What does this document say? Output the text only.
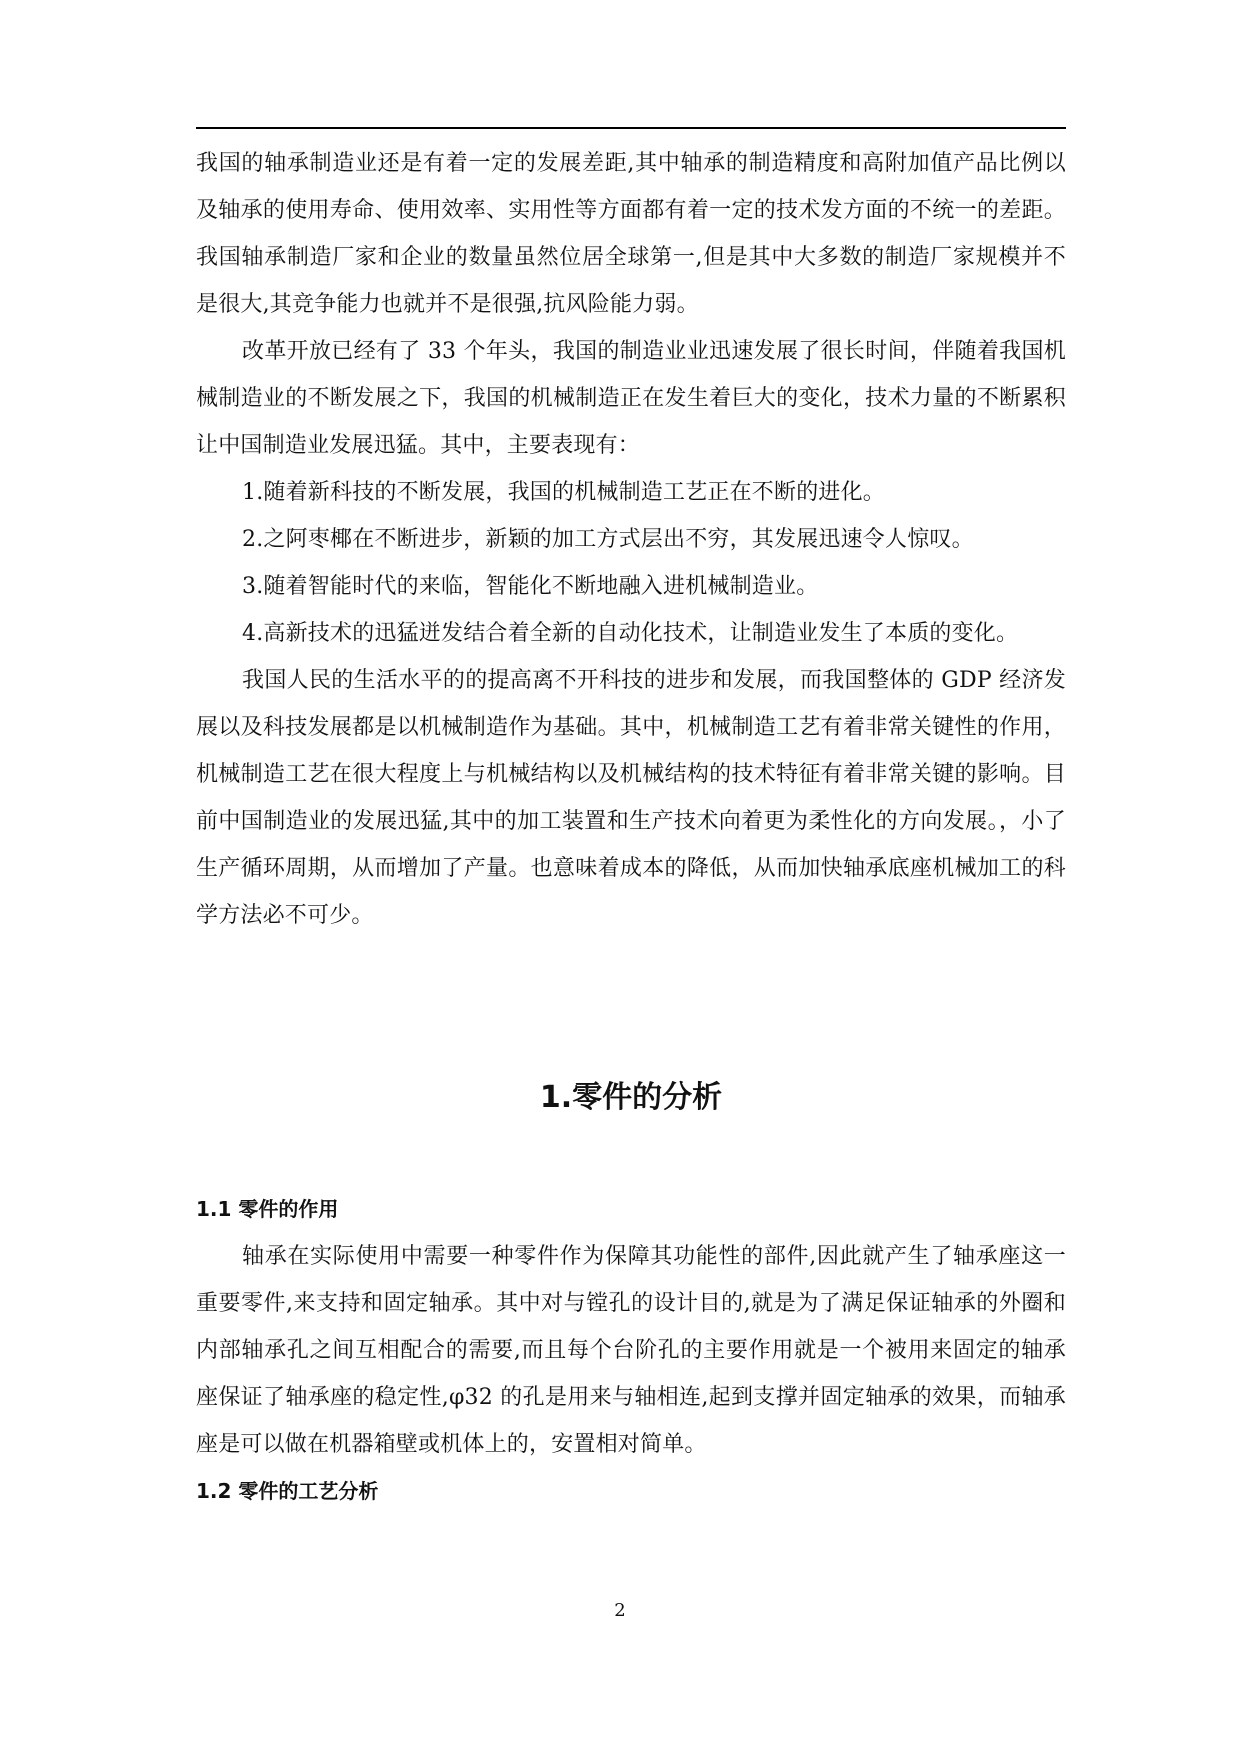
我国的轴承制造业还是有着一定的发展差距,其中轴承的制造精度和高附加值产品比例以及轴承的使用寿命、使用效率、实用性等方面都有着一定的技术发方面的不统一的差距。我国轴承制造厂家和企业的数量虽然位居全球第一,但是其中大多数的制造厂家规模并不是很大,其竞争能力也就并不是很强,抗风险能力弱。

改革开放已经有了 33 个年头，我国的制造业业迅速发展了很长时间，伴随着我国机械制造业的不断发展之下，我国的机械制造正在发生着巨大的变化，技术力量的不断累积让中国制造业发展迅猛。其中，主要表现有：

1.随着新科技的不断发展，我国的机械制造工艺正在不断的进化。

2.之阿枣椰在不断进步，新颖的加工方式层出不穷，其发展迅速令人惊叹。

3.随着智能时代的来临，智能化不断地融入进机械制造业。

4.高新技术的迅猛迸发结合着全新的自动化技术，让制造业发生了本质的变化。

我国人民的生活水平的的提高离不开科技的进步和发展，而我国整体的 GDP 经济发展以及科技发展都是以机械制造作为基础。其中，机械制造工艺有着非常关键性的作用，机械制造工艺在很大程度上与机械结构以及机械结构的技术特征有着非常关键的影响。目前中国制造业的发展迅猛,其中的加工装置和生产技术向着更为柔性化的方向发展。，小了生产循环周期，从而增加了产量。也意味着成本的降低，从而加快轴承底座机械加工的科学方法必不可少。

1.零件的分析
1.1 零件的作用

轴承在实际使用中需要一种零件作为保障其功能性的部件,因此就产生了轴承座这一重要零件,来支持和固定轴承。其中对与镗孔的设计目的,就是为了满足保证轴承的外圈和内部轴承孔之间互相配合的需要,而且每个台阶孔的主要作用就是一个被用来固定的轴承座保证了轴承座的稳定性,φ32 的孔是用来与轴相连,起到支撑并固定轴承的效果，而轴承座是可以做在机器箱壁或机体上的，安置相对简单。

1.2 零件的工艺分析
2
